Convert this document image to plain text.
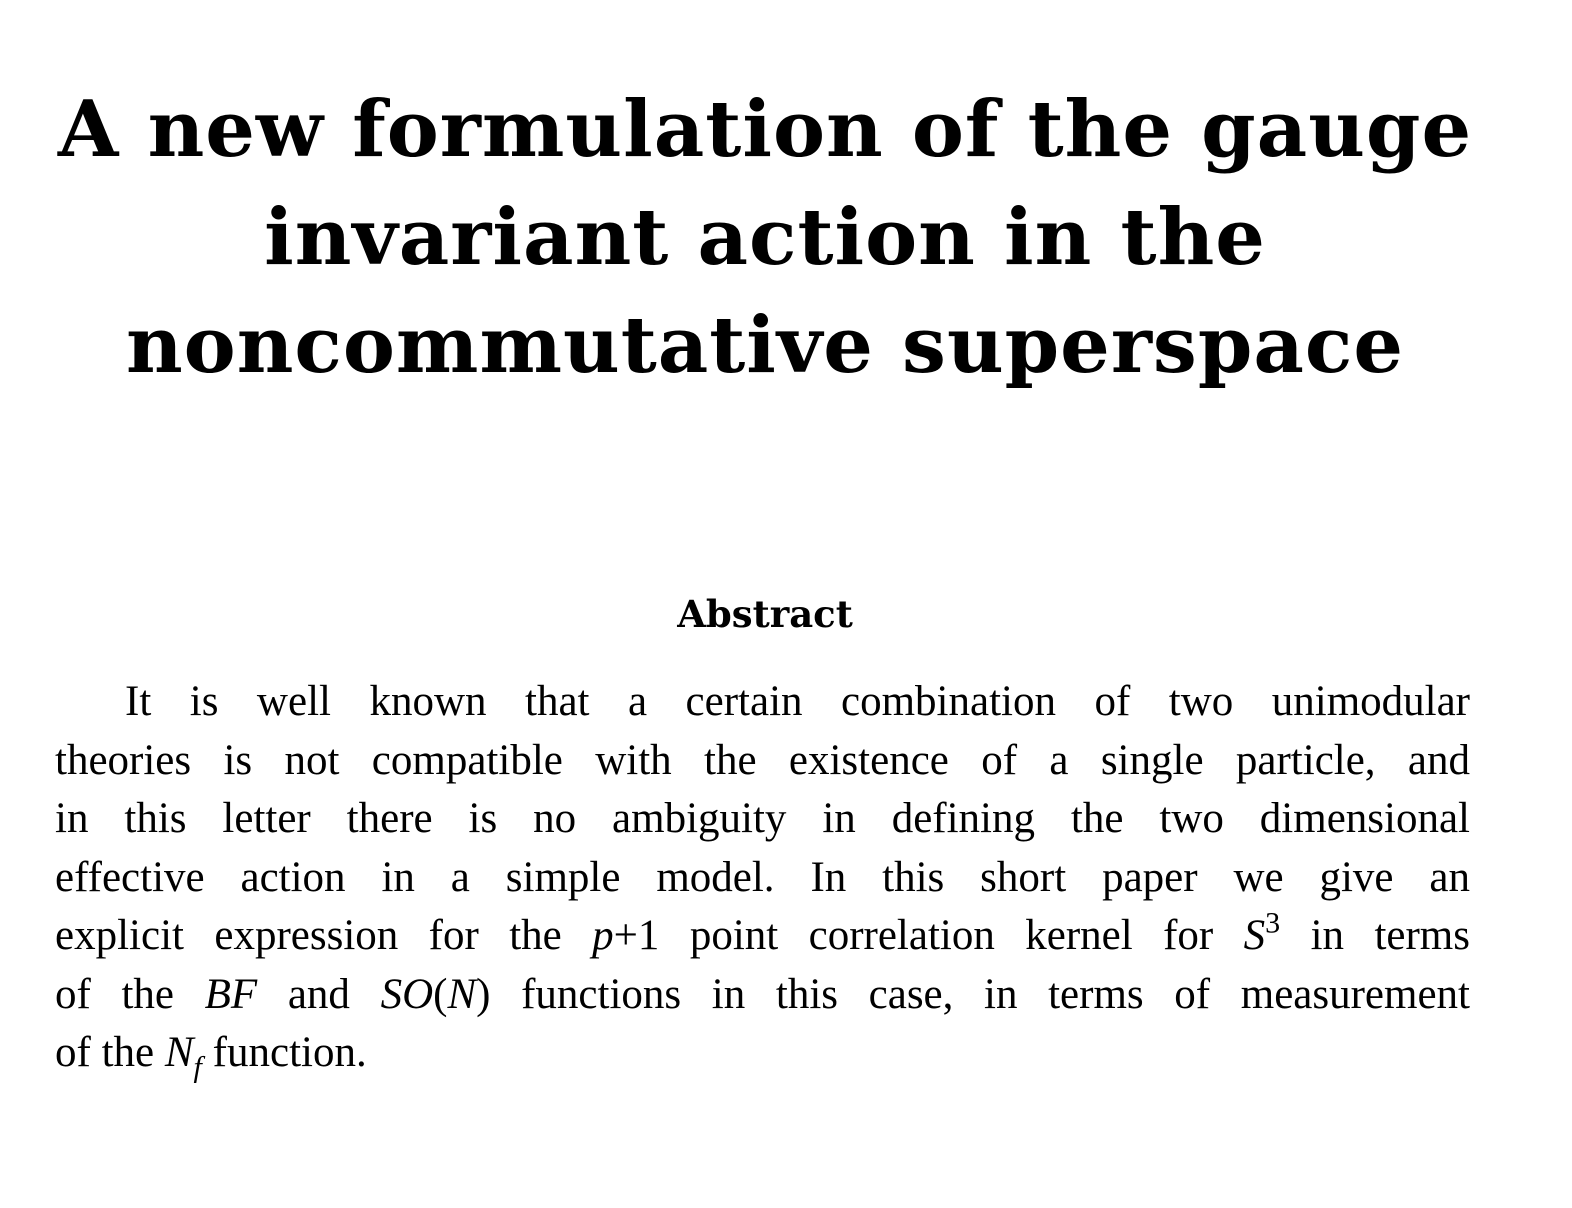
A new formulation of the gauge
invariant action in the
noncommutative superspace
Abstract
It is well known that a certain combination of two unimodular
theories is not compatible with the existence of a single particle, and
in this letter there is no ambiguity in defining the two dimensional
effective action in a simple model. In this short paper we give an
explicit expression for the p+1 point correlation kernel for $S^3$ in terms
of the BF and SO(N) functions in this case, in terms of measurement
of the $N_f$ function.
